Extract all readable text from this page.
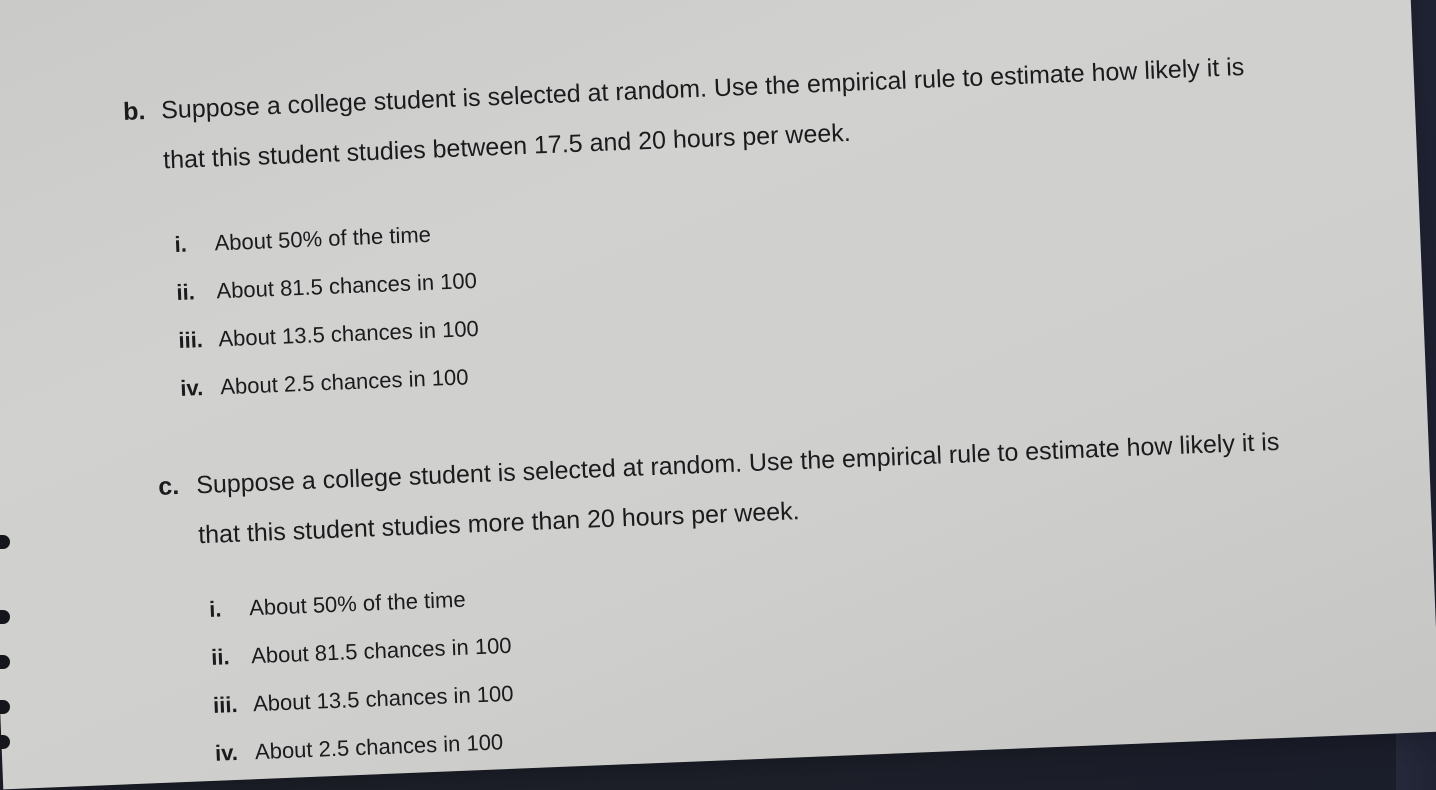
b. Suppose a college student is selected at random. Use the empirical rule to estimate how likely it is that this student studies between 17.5 and 20 hours per week.
i. About 50% of the time
ii. About 81.5 chances in 100
iii. About 13.5 chances in 100
iv. About 2.5 chances in 100
c. Suppose a college student is selected at random. Use the empirical rule to estimate how likely it is that this student studies more than 20 hours per week.
i. About 50% of the time
ii. About 81.5 chances in 100
iii. About 13.5 chances in 100
iv. About 2.5 chances in 100
